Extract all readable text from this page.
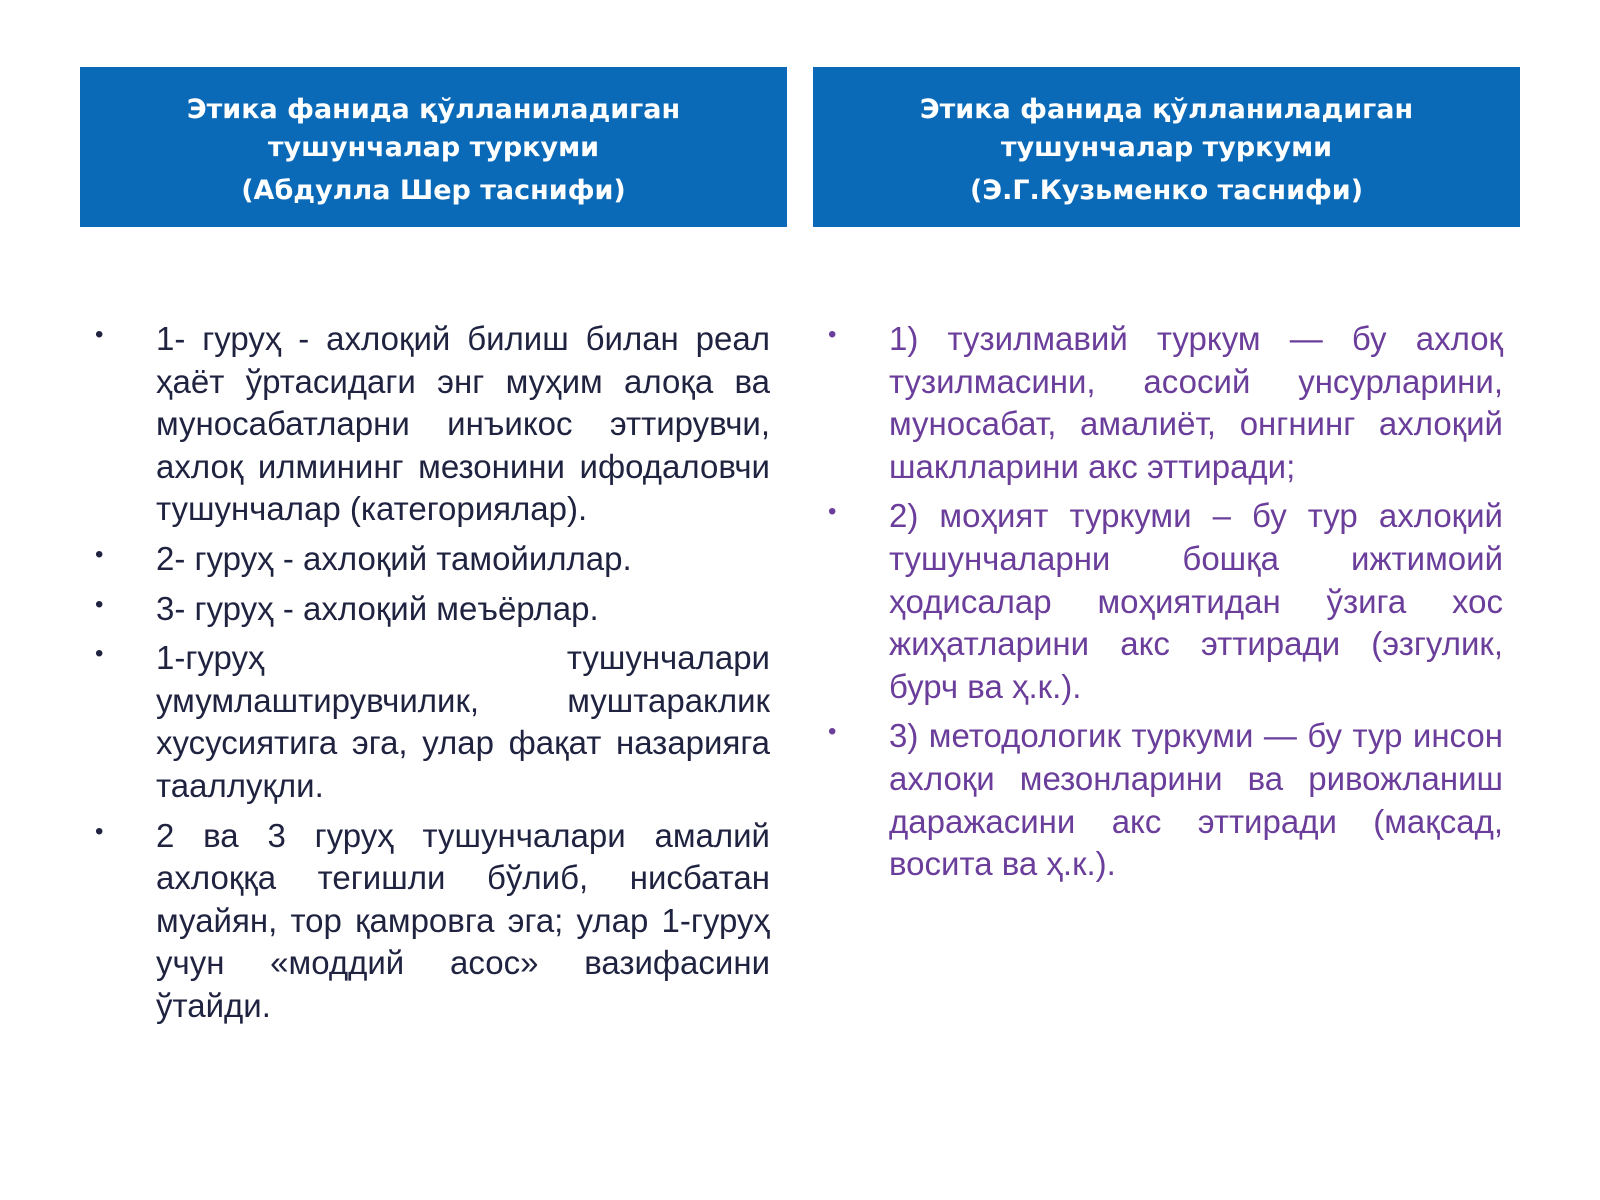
Этика фанида қўлланиладиган
тушунчалар туркуми
(Абдулла Шер таснифи)
Этика фанида қўлланиладиган
тушунчалар туркуми
(Э.Г.Кузьменко таснифи)
• 1- гуруҳ - ахлоқий билиш билан реал ҳаёт ўртасидаги энг муҳим алоқа ва муносабатларни инъикос эттирувчи, ахлоқ илмининг мезонини ифодаловчи тушунчалар (категориялар).
• 2- гуруҳ - ахлоқий тамойиллар.
• 3- гуруҳ - ахлоқий меъёрлар.
• 1-гуруҳ тушунчалари умумлаштирувчилик, муштараклик хусусиятига эга, улар фақат назарияга тааллуқли.
• 2 ва 3 гуруҳ тушунчалари амалий ахлоққа тегишли бўлиб, нисбатан муайян, тор қамровга эга; улар 1-гуруҳ учун «моддий асос» вазифасини ўтайди.
• 1) тузилмавий туркум — бу ахлоқ тузилмасини, асосий унсурларини, муносабат, амалиёт, онгнинг ахлоқий шаклларини акс эттиради;
• 2) моҳият туркуми – бу тур ахлоқий тушунчаларни бошқа ижтимоий ҳодисалар моҳиятидан ўзига хос жиҳатларини акс эттиради (эзгулик, бурч ва ҳ.к.).
• 3) методологик туркуми — бу тур инсон ахлоқи мезонларини ва ривожланиш даражасини акс эттиради (мақсад, восита ва ҳ.к.).
